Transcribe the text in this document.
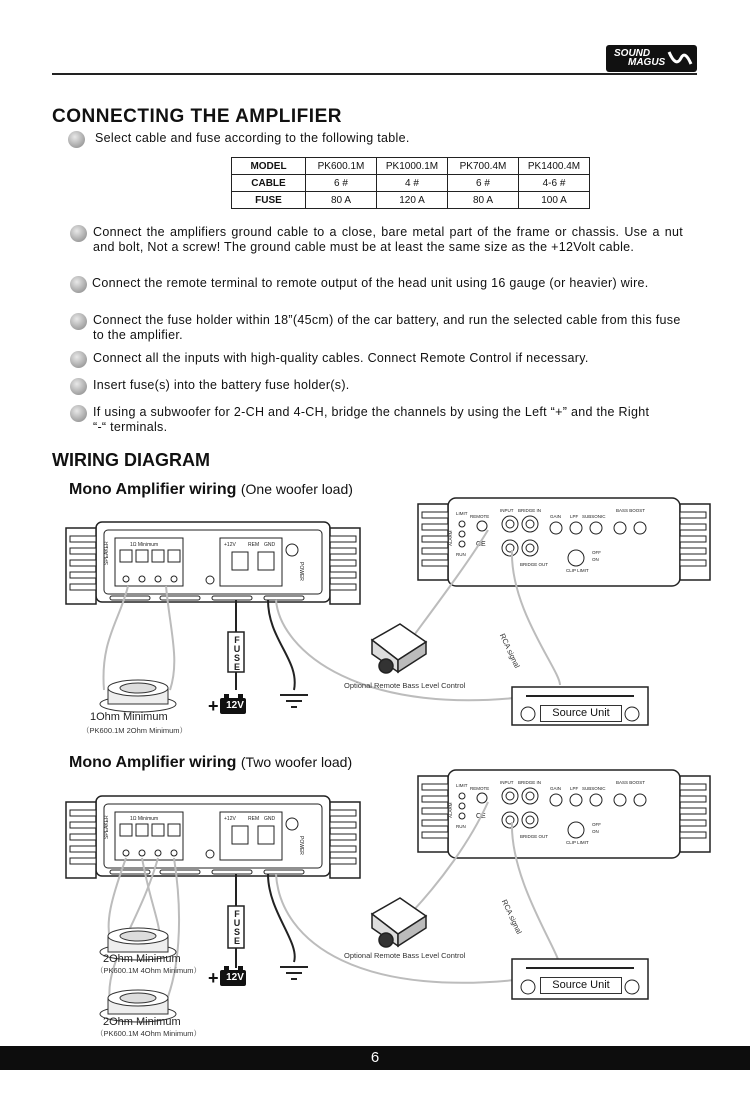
SOUND
MAGUS
CONNECTING THE AMPLIFIER
Select cable and fuse according to the following table.
MODEL	PK600.1M	PK1000.1M	PK700.4M	PK1400.4M
CABLE	6 #	4 #	6 #	4-6 #
FUSE	80 A	120 A	80 A	100 A
Connect the amplifiers ground cable to a close, bare metal part of the frame or chassis. Use a nut and bolt, Not a screw! The ground cable must be at least the same size as the +12Volt cable.
Connect the remote terminal to remote output of the head unit using 16 gauge (or heavier) wire.
Connect the fuse holder within 18”(45cm) of the car battery, and run the selected cable from this fuse to the amplifier.
Connect all the inputs with high-quality cables. Connect Remote Control if necessary.
Insert fuse(s) into the battery fuse holder(s).
If using a subwoofer for 2-CH and 4-CH, bridge the channels by using the Left “+” and the Right “-“ terminals.
WIRING DIAGRAM
Mono Amplifier wiring (One woofer load)
SPEAKER	1Ω Minimum	+12V REM GND
POWER
LIMIT
REMOTE
INPUT BRIDGE IN
BRIDGE OUT
GAIN LPF SUBSONIC
BASS BOOST
CLIP LIMIT
OFF
ON
ALARM
RUN
CE
FUSE
+ 12V
1Ohm Minimum
（PK600.1M 2Ohm Minimum）
Optional Remote Bass Level Control
RCA signal
Source Unit
Mono Amplifier wiring (Two woofer load)
SPEAKER	1Ω Minimum	+12V REM GND
POWER
LIMIT
REMOTE
INPUT BRIDGE IN
BRIDGE OUT
GAIN LPF SUBSONIC
BASS BOOST
CLIP LIMIT
OFF
ON
ALARM
RUN
CE
FUSE
+ 12V
2Ohm Minimum
（PK600.1M 4Ohm Minimum）
2Ohm Minimum
（PK600.1M 4Ohm Minimum）
Optional Remote Bass Level Control
RCA signal
Source Unit
6
